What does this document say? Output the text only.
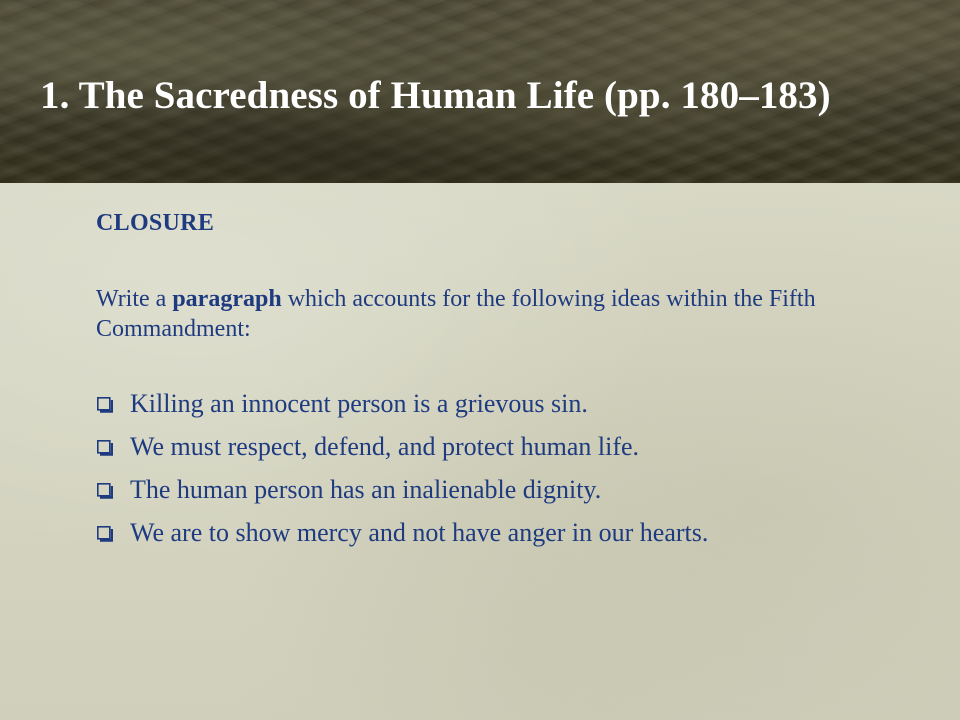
1. The Sacredness of Human Life (pp. 180–183)

CLOSURE

Write a paragraph which accounts for the following ideas within the Fifth Commandment:

Killing an innocent person is a grievous sin.
We must respect, defend, and protect human life.
The human person has an inalienable dignity.
We are to show mercy and not have anger in our hearts.
